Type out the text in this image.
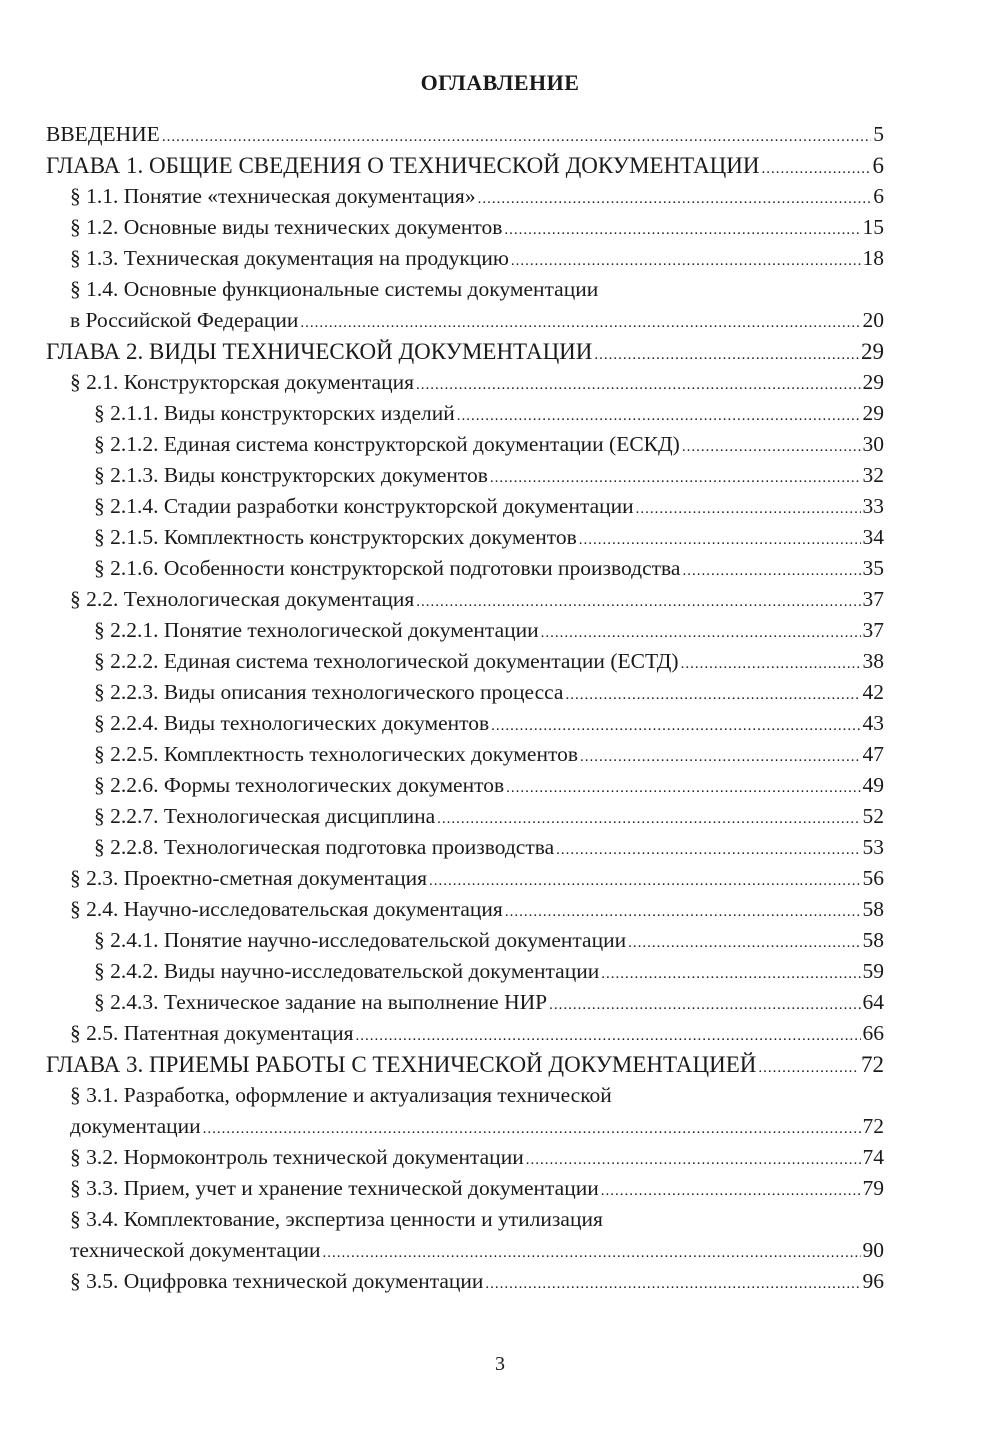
ОГЛАВЛЕНИЕ
ВВЕДЕНИЕ .....	5
ГЛАВА 1. ОБЩИЕ СВЕДЕНИЯ О ТЕХНИЧЕСКОЙ ДОКУМЕНТАЦИИ .....	6
§ 1.1. Понятие «техническая документация» .....	6
§ 1.2. Основные виды технических документов .....	15
§ 1.3. Техническая документация на продукцию .....	18
§ 1.4. Основные функциональные системы документации
в Российской Федерации .....	20
ГЛАВА 2. ВИДЫ ТЕХНИЧЕСКОЙ ДОКУМЕНТАЦИИ .....	29
§ 2.1. Конструкторская документация .....	29
§ 2.1.1. Виды конструкторских изделий .....	29
§ 2.1.2. Единая система конструкторской документации (ЕСКД) .....	30
§ 2.1.3. Виды конструкторских документов .....	32
§ 2.1.4. Стадии разработки конструкторской документации .....	33
§ 2.1.5. Комплектность конструкторских документов .....	34
§ 2.1.6. Особенности конструкторской подготовки производства .....	35
§ 2.2. Технологическая документация .....	37
§ 2.2.1. Понятие технологической документации .....	37
§ 2.2.2. Единая система технологической документации (ЕСТД) .....	38
§ 2.2.3. Виды описания технологического процесса .....	42
§ 2.2.4. Виды технологических документов .....	43
§ 2.2.5. Комплектность технологических документов .....	47
§ 2.2.6. Формы технологических документов .....	49
§ 2.2.7. Технологическая дисциплина .....	52
§ 2.2.8. Технологическая подготовка производства .....	53
§ 2.3. Проектно-сметная документация .....	56
§ 2.4. Научно-исследовательская документация .....	58
§ 2.4.1. Понятие научно-исследовательской документации .....	58
§ 2.4.2. Виды научно-исследовательской документации .....	59
§ 2.4.3. Техническое задание на выполнение НИР .....	64
§ 2.5. Патентная документация .....	66
ГЛАВА 3. ПРИЕМЫ РАБОТЫ С ТЕХНИЧЕСКОЙ ДОКУМЕНТАЦИЕЙ .....	72
§ 3.1. Разработка, оформление и актуализация технической
документации .....	72
§ 3.2. Нормоконтроль технической документации .....	74
§ 3.3. Прием, учет и хранение технической документации .....	79
§ 3.4. Комплектование, экспертиза ценности и утилизация
технической документации .....	90
§ 3.5. Оцифровка технической документации .....	96
3
